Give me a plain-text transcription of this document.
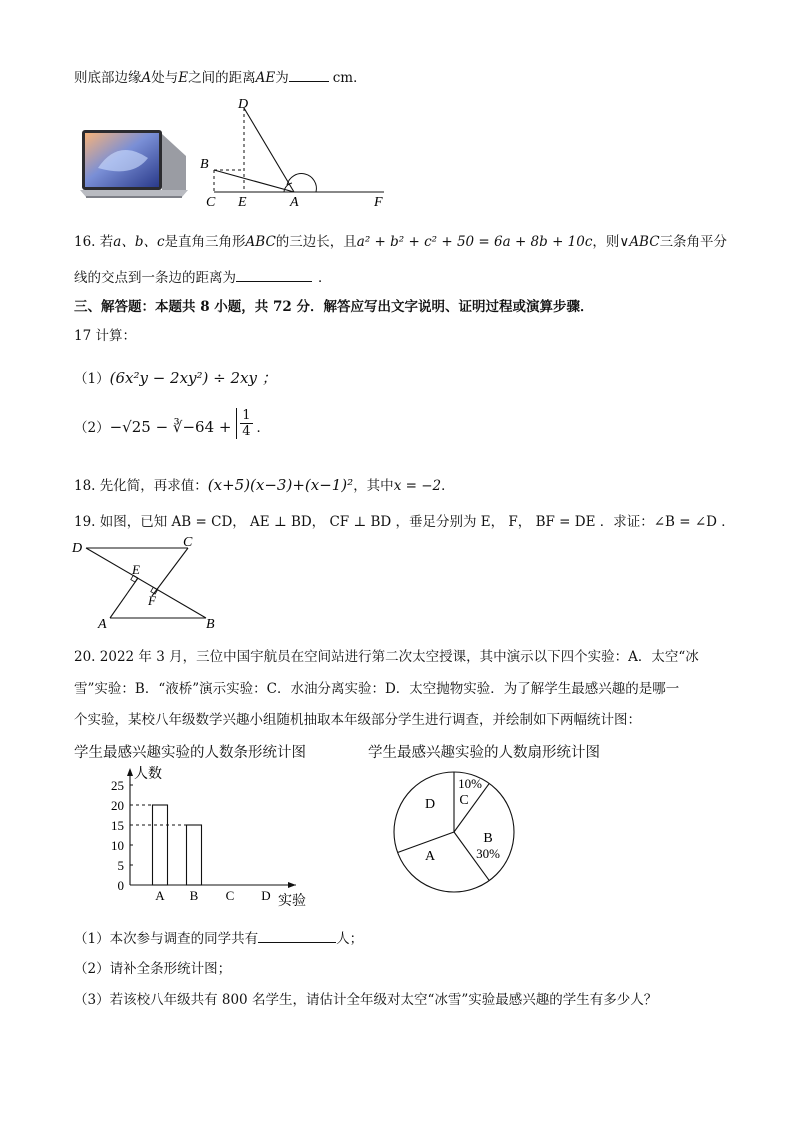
则底部边缘A处与E之间的距离AE为	cm．
D
B
C E	A	F
16. 若a、b、c是直角三角形ABC的三边长，且a² + b² + c² + 50 = 6a + 8b + 10c，则∨ABC三条角平分
线的交点到一条边的距离为	．
三、解答题：本题共 8 小题，共 72 分．解答应写出文字说明、证明过程或演算步骤．
17 计算：
（1）(6x²y − 2xy²) ÷ 2xy ；
（2）−√25 − ∛−64 + $\frac{1}{4}$ ．
18. 先化简，再求值：(x+5)(x−3)+(x−1)²，其中x = −2．
19. 如图，已知 AB = CD， AE ⊥ BD， CF ⊥ BD ，垂足分别为 E， F， BF = DE ．求证：∠B = ∠D ．
D	C
E
F
A	B
20. 2022 年 3 月，三位中国宇航员在空间站进行第二次太空授课，其中演示以下四个实验：A．太空“冰
雪”实验：B．“液桥”演示实验：C．水油分离实验：D．太空抛物实验．为了解学生最感兴趣的是哪一
个实验，某校八年级数学兴趣小组随机抽取本年级部分学生进行调查，并绘制如下两幅统计图：
学生最感兴趣实验的人数条形统计图	学生最感兴趣实验的人数扇形统计图
人数
实验
0
5
10
15
20
25
A B C D
C
10%
B
30%
A
D
（1）本次参与调查的同学共有	人；
（2）请补全条形统计图；
（3）若该校八年级共有 800 名学生，请估计全年级对太空“冰雪”实验最感兴趣的学生有多少人？
